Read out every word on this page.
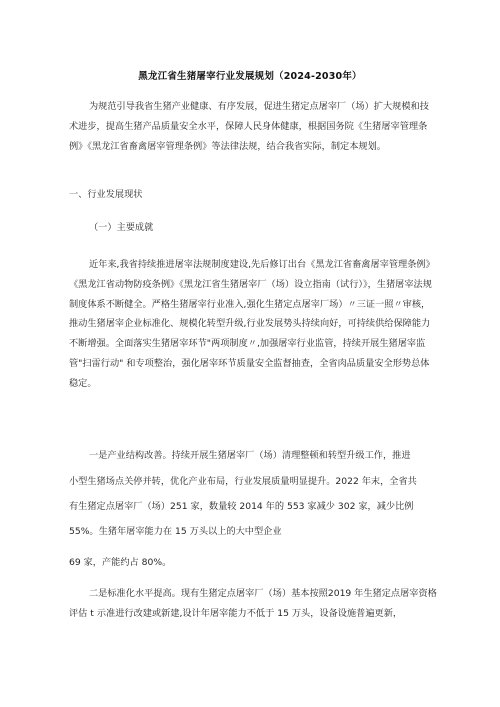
黑龙江省生猪屠宰行业发展规划（2024-2030年）
为规范引导我省生猪产业健康、有序发展，促进生猪定点屠宰厂（场）扩大规模和技术进步，提高生猪产品质量安全水平，保障人民身体健康，根据国务院《生猪屠宰管理条例》《黑龙江省畜禽屠宰管理条例》等法律法规，结合我省实际，制定本规划。
一、行业发展现状
（一）主要成就
近年来,我省持续推进屠宰法规制度建设,先后修订出台《黑龙江省畜禽屠宰管理条例》《黑龙江省动物防疫条例》《黑龙江省生猪屠宰厂（场）设立指南（试行）》，生猪屠宰法规制度体系不断健全。严格生猪屠宰行业准入,强化生猪定点屠宰厂场）〃三证一照〃审核，推动生猪屠宰企业标准化、规模化转型升级,行业发展势头持续向好，可持续供给保障能力不断增强。全面落实生猪屠宰环节"两项制度〃,加强屠宰行业监管，持续开展生猪屠宰监管"扫雷行动" 和专项整治，强化屠宰环节质量安全监督抽查，全省肉品质量安全形势总体稳定。
一是产业结构改善。持续开展生猪屠宰厂（场）清理整顿和转型升级工作，推进
小型生猪场点关停并转，优化产业布局，行业发展质量明显提升。2022 年末，全省共
有生猪定点屠宰厂（场）251 家，数量较 2014 年的 553 家减少 302 家，减少比例
55%。生猪年屠宰能力在 15 万头以上的大中型企业
69 家，产能约占 80%。
二是标准化水平提高。现有生猪定点屠宰厂（场）基本按照2019 年生猪定点屠宰资格评估 t 示准进行改建或新建,设计年屠宰能力不低于 15 万头，设备设施普遍更新，
